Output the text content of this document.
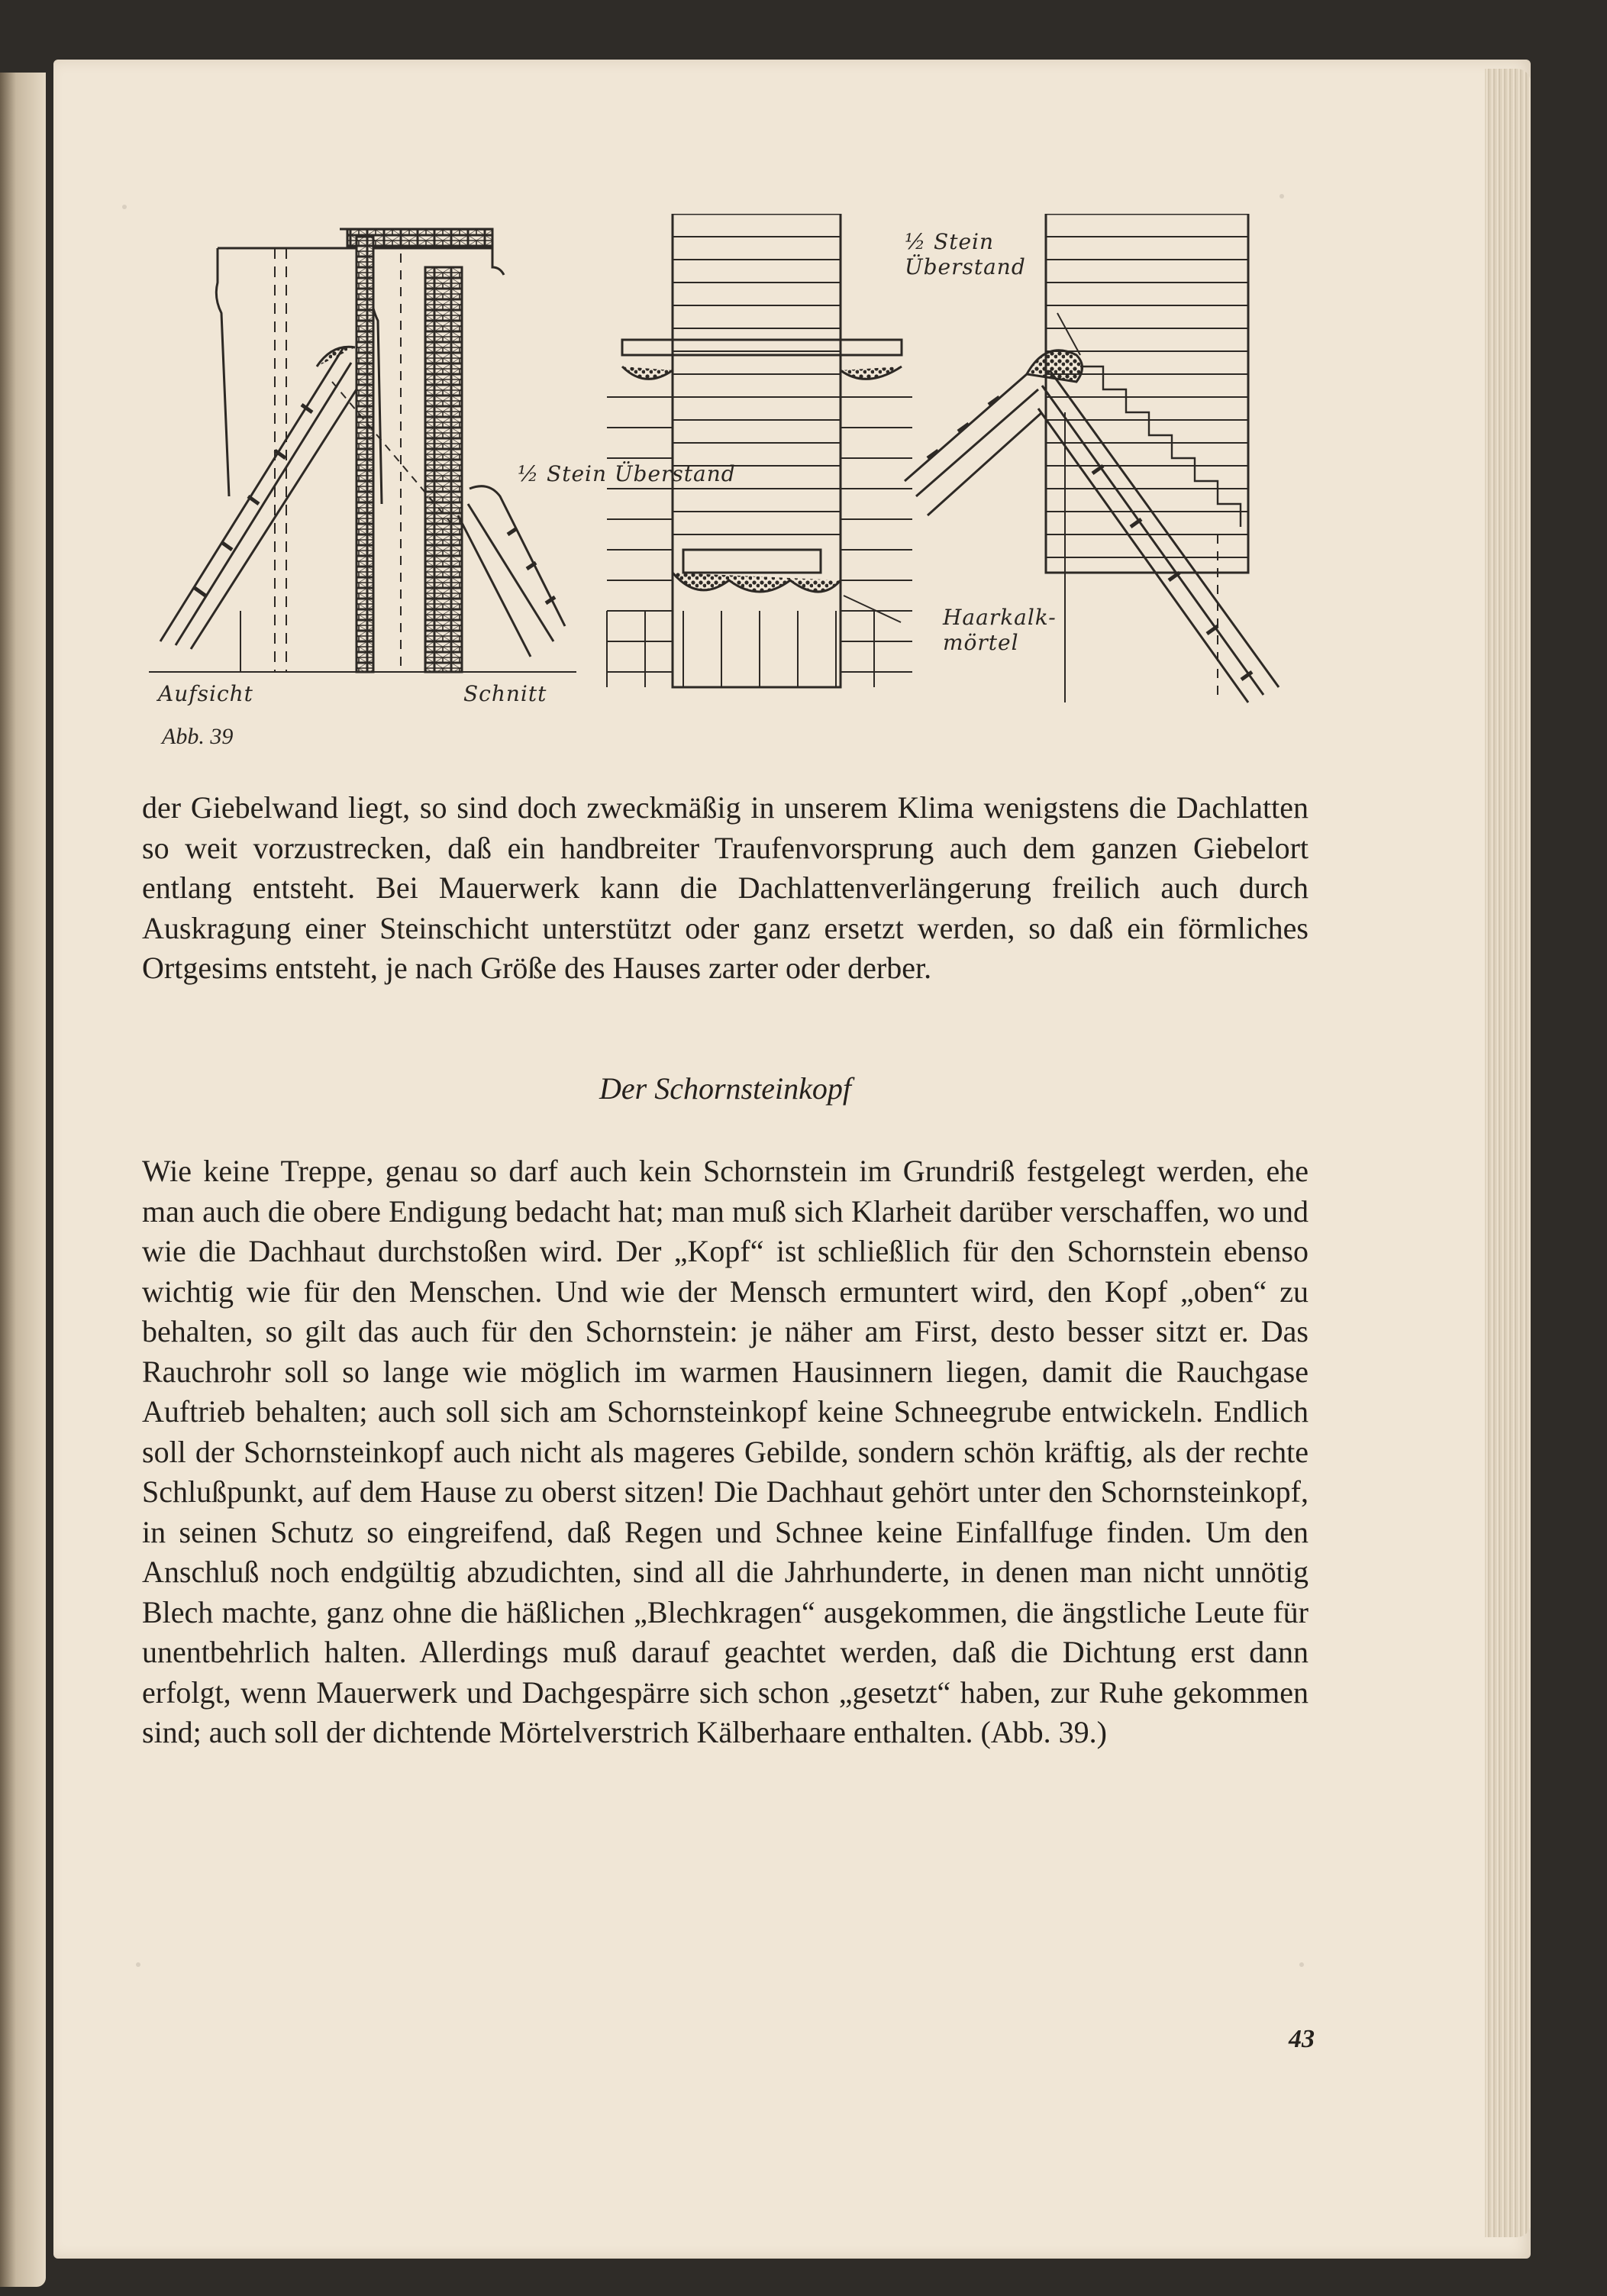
½ Stein Überstand
½ Stein Überstand
Haarkalk-mörtel
Aufsicht	Schnitt
Abb. 39

der Giebelwand liegt, so sind doch zweckmäßig in unserem Klima wenigstens die Dachlatten so weit vorzustrecken, daß ein handbreiter Traufenvorsprung auch dem ganzen Giebelort entlang entsteht. Bei Mauerwerk kann die Dachlattenverlängerung freilich auch durch Auskragung einer Steinschicht unterstützt oder ganz ersetzt werden, so daß ein förmliches Ortgesims entsteht, je nach Größe des Hauses zarter oder derber.

Der Schornsteinkopf

Wie keine Treppe, genau so darf auch kein Schornstein im Grundriß festgelegt werden, ehe man auch die obere Endigung bedacht hat; man muß sich Klarheit darüber verschaffen, wo und wie die Dachhaut durchstoßen wird. Der „Kopf“ ist schließlich für den Schornstein ebenso wichtig wie für den Menschen. Und wie der Mensch ermuntert wird, den Kopf „oben“ zu behalten, so gilt das auch für den Schornstein: je näher am First, desto besser sitzt er. Das Rauchrohr soll so lange wie möglich im warmen Hausinnern liegen, damit die Rauchgase Auftrieb behalten; auch soll sich am Schornsteinkopf keine Schneegrube entwickeln. Endlich soll der Schornsteinkopf auch nicht als mageres Gebilde, sondern schön kräftig, als der rechte Schlußpunkt, auf dem Hause zu oberst sitzen! Die Dachhaut gehört unter den Schornsteinkopf, in seinen Schutz so eingreifend, daß Regen und Schnee keine Einfallfuge finden. Um den Anschluß noch endgültig abzudichten, sind all die Jahrhunderte, in denen man nicht unnötig Blech machte, ganz ohne die häßlichen „Blechkragen“ ausgekommen, die ängstliche Leute für unentbehrlich halten. Allerdings muß darauf geachtet werden, daß die Dichtung erst dann erfolgt, wenn Mauerwerk und Dachgespärre sich schon „gesetzt“ haben, zur Ruhe gekommen sind; auch soll der dichtende Mörtelverstrich Kälberhaare enthalten. (Abb. 39.)

43
